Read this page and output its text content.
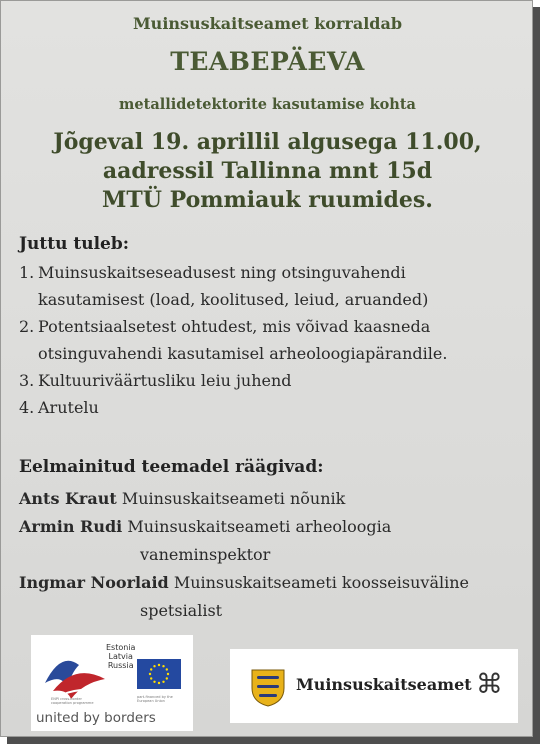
Muinsuskaitseamet korraldab
TEABEPÄEVA
metallidetektorite kasutamise kohta
Jõgeval 19. aprillil algusega 11.00,
aadressil Tallinna mnt 15d
MTÜ Pommiauk ruumides.
Juttu tuleb:
1. Muinsuskaitseseadusest ning otsinguvahendi
kasutamisest (load, koolitused, leiud, aruanded)
2. Potentsiaalsetest ohtudest, mis võivad kaasneda
otsinguvahendi kasutamisel arheoloogiapärandile.
3. Kultuuriväärtusliku leiu juhend
4. Arutelu
Eelmainitud teemadel räägivad:
Ants Kraut Muinsuskaitseameti nõunik
Armin Rudi Muinsuskaitseameti arheoloogia
vaneminspektor
Ingmar Noorlaid Muinsuskaitseameti koosseisuväline
spetsialist
Estonia
Latvia
Russia
ENPI cross-border cooperation programme
part-financed by the European Union
united by borders
Muinsuskaitseamet ⌘
